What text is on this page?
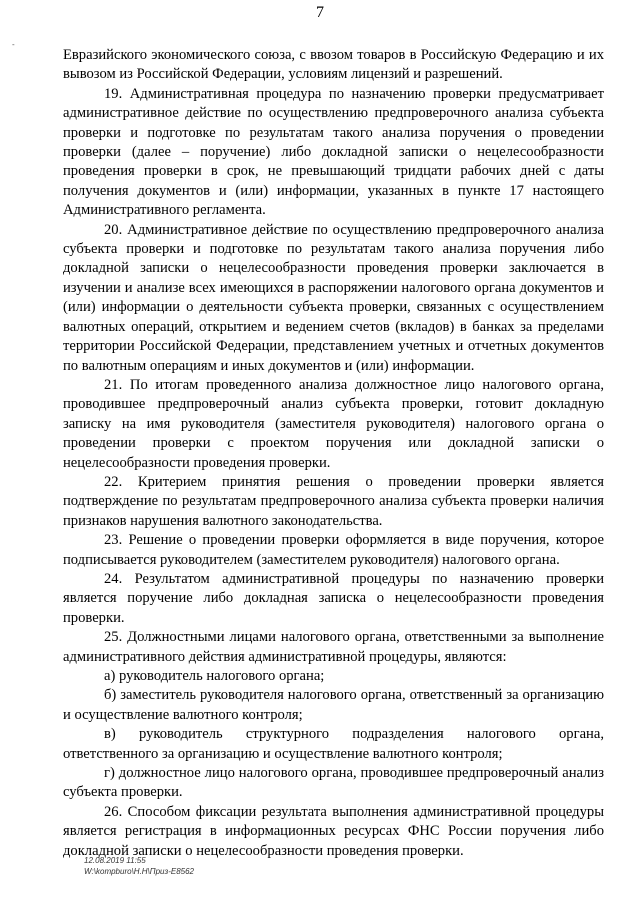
7
-

Евразийского экономического союза, с ввозом товаров в Российскую Федерацию и их вывозом из Российской Федерации, условиям лицензий и разрешений.

19. Административная процедура по назначению проверки предусматривает административное действие по осуществлению предпроверочного анализа субъекта проверки и подготовке по результатам такого анализа поручения о проведении проверки (далее – поручение) либо докладной записки о нецелесообразности проведения проверки в срок, не превышающий тридцати рабочих дней с даты получения документов и (или) информации, указанных в пункте 17 настоящего Административного регламента.

20. Административное действие по осуществлению предпроверочного анализа субъекта проверки и подготовке по результатам такого анализа поручения либо докладной записки о нецелесообразности проведения проверки заключается в изучении и анализе всех имеющихся в распоряжении налогового органа документов и (или) информации о деятельности субъекта проверки, связанных с осуществлением валютных операций, открытием и ведением счетов (вкладов) в банках за пределами территории Российской Федерации, представлением учетных и отчетных документов по валютным операциям и иных документов и (или) информации.

21. По итогам проведенного анализа должностное лицо налогового органа, проводившее предпроверочный анализ субъекта проверки, готовит докладную записку на имя руководителя (заместителя руководителя) налогового органа о проведении проверки с проектом поручения или докладной записки о нецелесообразности проведения проверки.

22. Критерием принятия решения о проведении проверки является подтверждение по результатам предпроверочного анализа субъекта проверки наличия признаков нарушения валютного законодательства.

23. Решение о проведении проверки оформляется в виде поручения, которое подписывается руководителем (заместителем руководителя) налогового органа.

24. Результатом административной процедуры по назначению проверки является поручение либо докладная записка о нецелесообразности проведения проверки.

25. Должностными лицами налогового органа, ответственными за выполнение административного действия административной процедуры, являются:

а) руководитель налогового органа;

б) заместитель руководителя налогового органа, ответственный за организацию и осуществление валютного контроля;

в) руководитель структурного подразделения налогового органа, ответственного за организацию и осуществление валютного контроля;

г) должностное лицо налогового органа, проводившее предпроверочный анализ субъекта проверки.

26. Способом фиксации результата выполнения административной процедуры является регистрация в информационных ресурсах ФНС России поручения либо докладной записки о нецелесообразности проведения проверки.

12.08.2019 11:55
W:\kompburo\Н.Н\Приз-Е8562
